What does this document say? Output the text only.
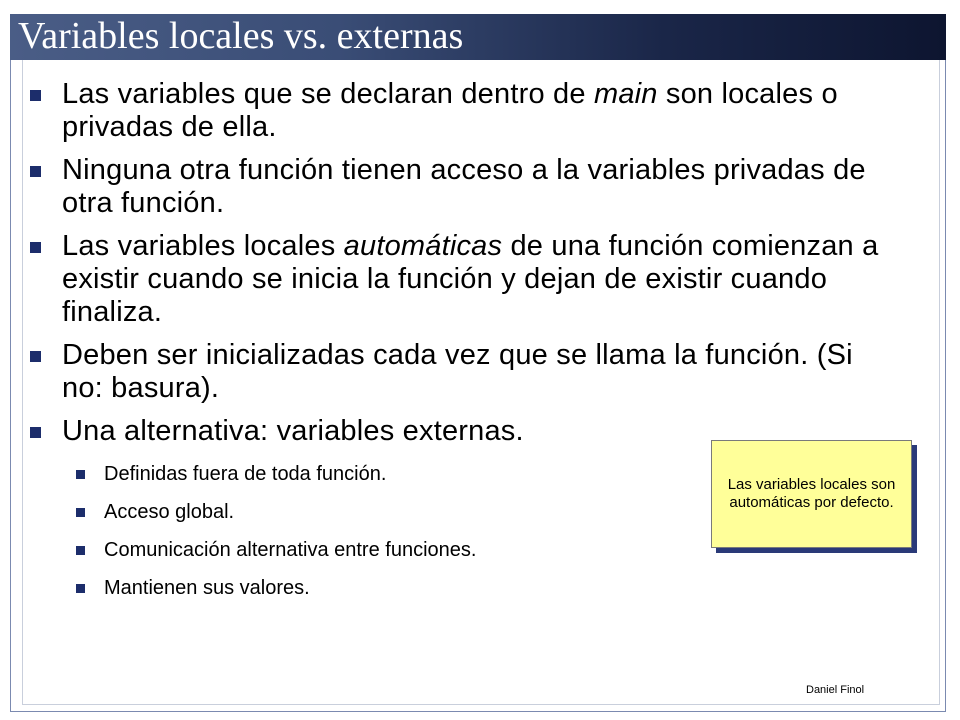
Variables locales vs. externas
Las variables que se declaran dentro de main son locales o privadas de ella.
Ninguna otra función tienen acceso a la variables privadas de otra función.
Las variables locales automáticas de una función comienzan a existir cuando se inicia la función y dejan de existir cuando finaliza.
Deben ser inicializadas cada vez que se llama la función. (Si no: basura).
Una alternativa: variables externas.
Definidas fuera de toda función.
Acceso global.
Comunicación alternativa entre funciones.
Mantienen sus valores.
Las variables locales son automáticas por defecto.
Daniel Finol
